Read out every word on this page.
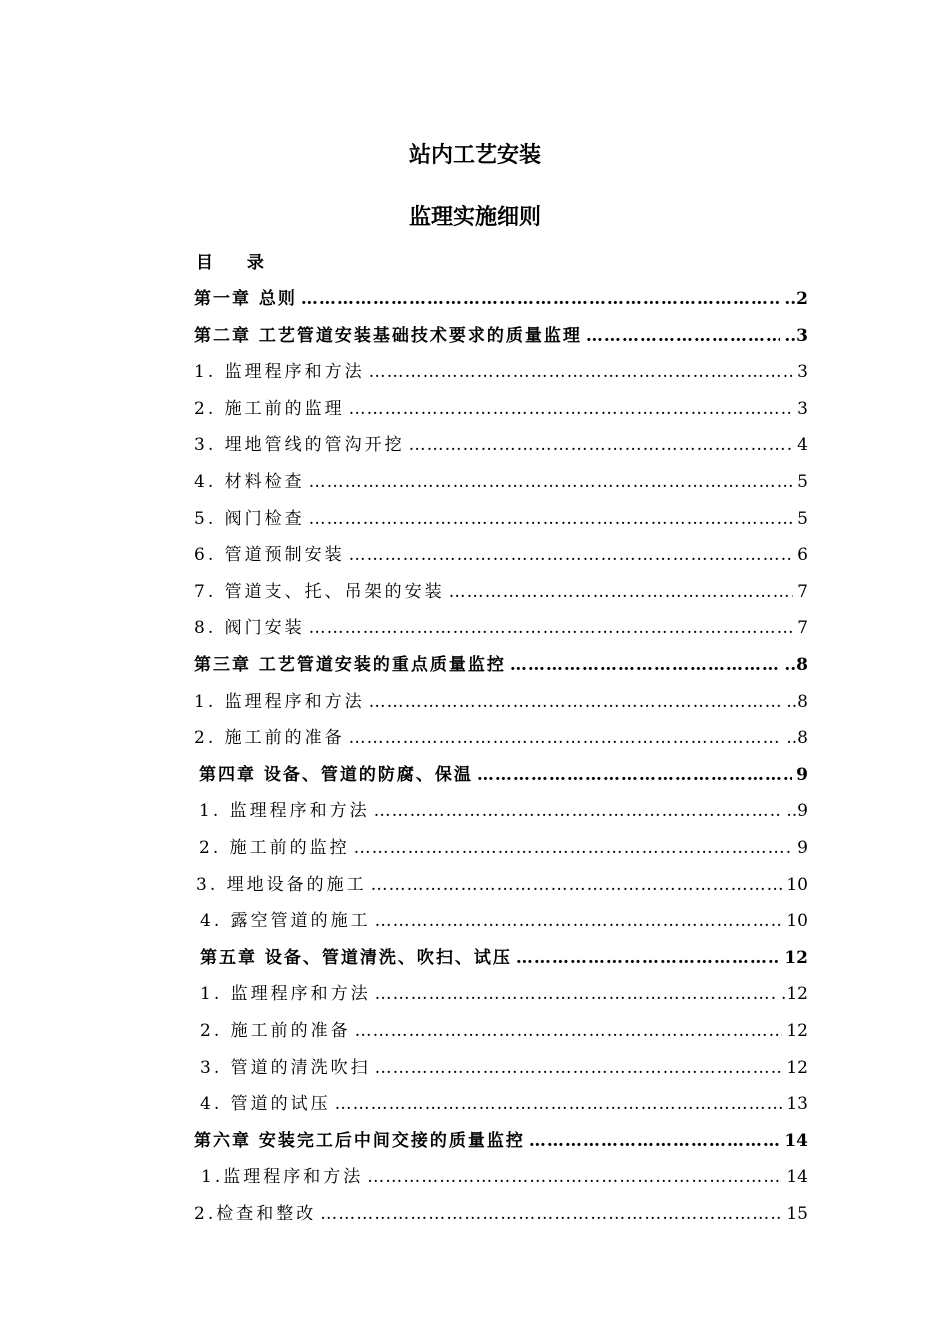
站内工艺安装
监理实施细则
目 录
第一章 总则 …………………………………………………………………………………………………………………………	..2
第二章 工艺管道安装基础技术要求的质量监理 …………………………………………………………………………………………………………………………	..3
1. 监理程序和方法 …………………………………………………………………………………………………………………………	3
2. 施工前的监理 …………………………………………………………………………………………………………………………	3
3. 埋地管线的管沟开挖 …………………………………………………………………………………………………………………………	4
4. 材料检查 …………………………………………………………………………………………………………………………	5
5. 阀门检查 …………………………………………………………………………………………………………………………	5
6. 管道预制安装 …………………………………………………………………………………………………………………………	6
7. 管道支、托、吊架的安装 …………………………………………………………………………………………………………………………	7
8. 阀门安装 …………………………………………………………………………………………………………………………	7
第三章 工艺管道安装的重点质量监控 …………………………………………………………………………………………………………………………	..8
1. 监理程序和方法 …………………………………………………………………………………………………………………………	..8
2. 施工前的准备 …………………………………………………………………………………………………………………………	..8
第四章 设备、管道的防腐、保温 …………………………………………………………………………………………………………………………	9
1. 监理程序和方法 …………………………………………………………………………………………………………………………	..9
2. 施工前的监控 …………………………………………………………………………………………………………………………	9
3. 埋地设备的施工 …………………………………………………………………………………………………………………………	10
4. 露空管道的施工 …………………………………………………………………………………………………………………………	10
第五章 设备、管道清洗、吹扫、试压 …………………………………………………………………………………………………………………………	12
1. 监理程序和方法 …………………………………………………………………………………………………………………………	.12
2. 施工前的准备 …………………………………………………………………………………………………………………………	12
3. 管道的清洗吹扫 …………………………………………………………………………………………………………………………	12
4. 管道的试压 …………………………………………………………………………………………………………………………	13
第六章 安装完工后中间交接的质量监控 …………………………………………………………………………………………………………………………	14
1.监理程序和方法 …………………………………………………………………………………………………………………………	14
2.检查和整改 …………………………………………………………………………………………………………………………	15
